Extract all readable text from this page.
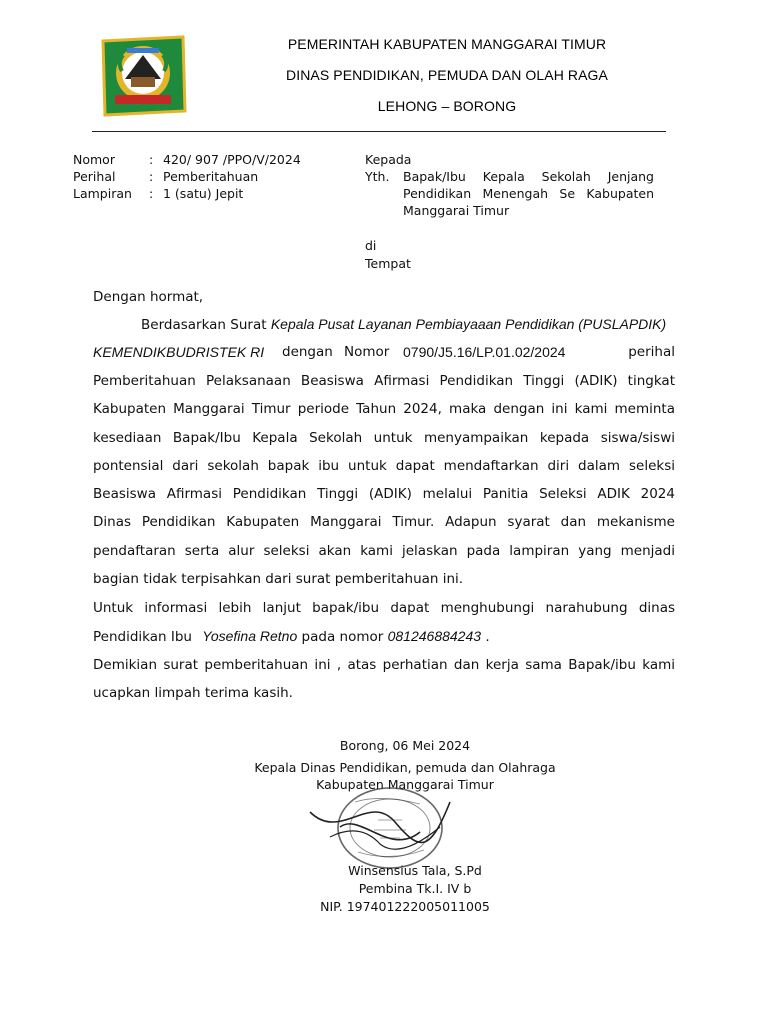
PEMERINTAH KABUPATEN MANGGARAI TIMUR
DINAS PENDIDIKAN, PEMUDA DAN OLAH RAGA
LEHONG – BORONG
Nomor	: 420/ 907 /PPO/V/2024
Perihal	: Pemberitahuan
Lampiran : 1 (satu) Jepit
Kepada
Yth. Bapak/Ibu Kepala Sekolah Jenjang
Pendidikan Menengah Se Kabupaten
Manggarai Timur
di
Tempat
Dengan hormat,
Berdasarkan Surat Kepala Pusat Layanan Pembiayaaan Pendidikan (PUSLAPDIK)
KEMENDIKBUDRISTEK RI dengan Nomor 0790/J5.16/LP.01.02/2024	perihal
Pemberitahuan Pelaksanaan Beasiswa Afirmasi Pendidikan Tinggi (ADIK) tingkat
Kabupaten Manggarai Timur periode Tahun 2024, maka dengan ini kami meminta
kesediaan Bapak/Ibu Kepala Sekolah untuk menyampaikan kepada siswa/siswi
pontensial dari sekolah bapak ibu untuk dapat mendaftarkan diri dalam seleksi
Beasiswa Afirmasi Pendidikan Tinggi (ADIK) melalui Panitia Seleksi ADIK 2024
Dinas Pendidikan Kabupaten Manggarai Timur. Adapun syarat dan mekanisme
pendaftaran serta alur seleksi akan kami jelaskan pada lampiran yang menjadi
bagian tidak terpisahkan dari surat pemberitahuan ini.
Untuk informasi lebih lanjut bapak/ibu dapat menghubungi narahubung dinas
Pendidikan Ibu Yosefina Retno pada nomor 081246884243 .
Demikian surat pemberitahuan ini , atas perhatian dan kerja sama Bapak/ibu kami
ucapkan limpah terima kasih.
Borong, 06 Mei 2024
Kepala Dinas Pendidikan, pemuda dan Olahraga
Kabupaten Manggarai Timur
Winsensius Tala, S.Pd
Pembina Tk.I. IV b
NIP. 197401222005011005
